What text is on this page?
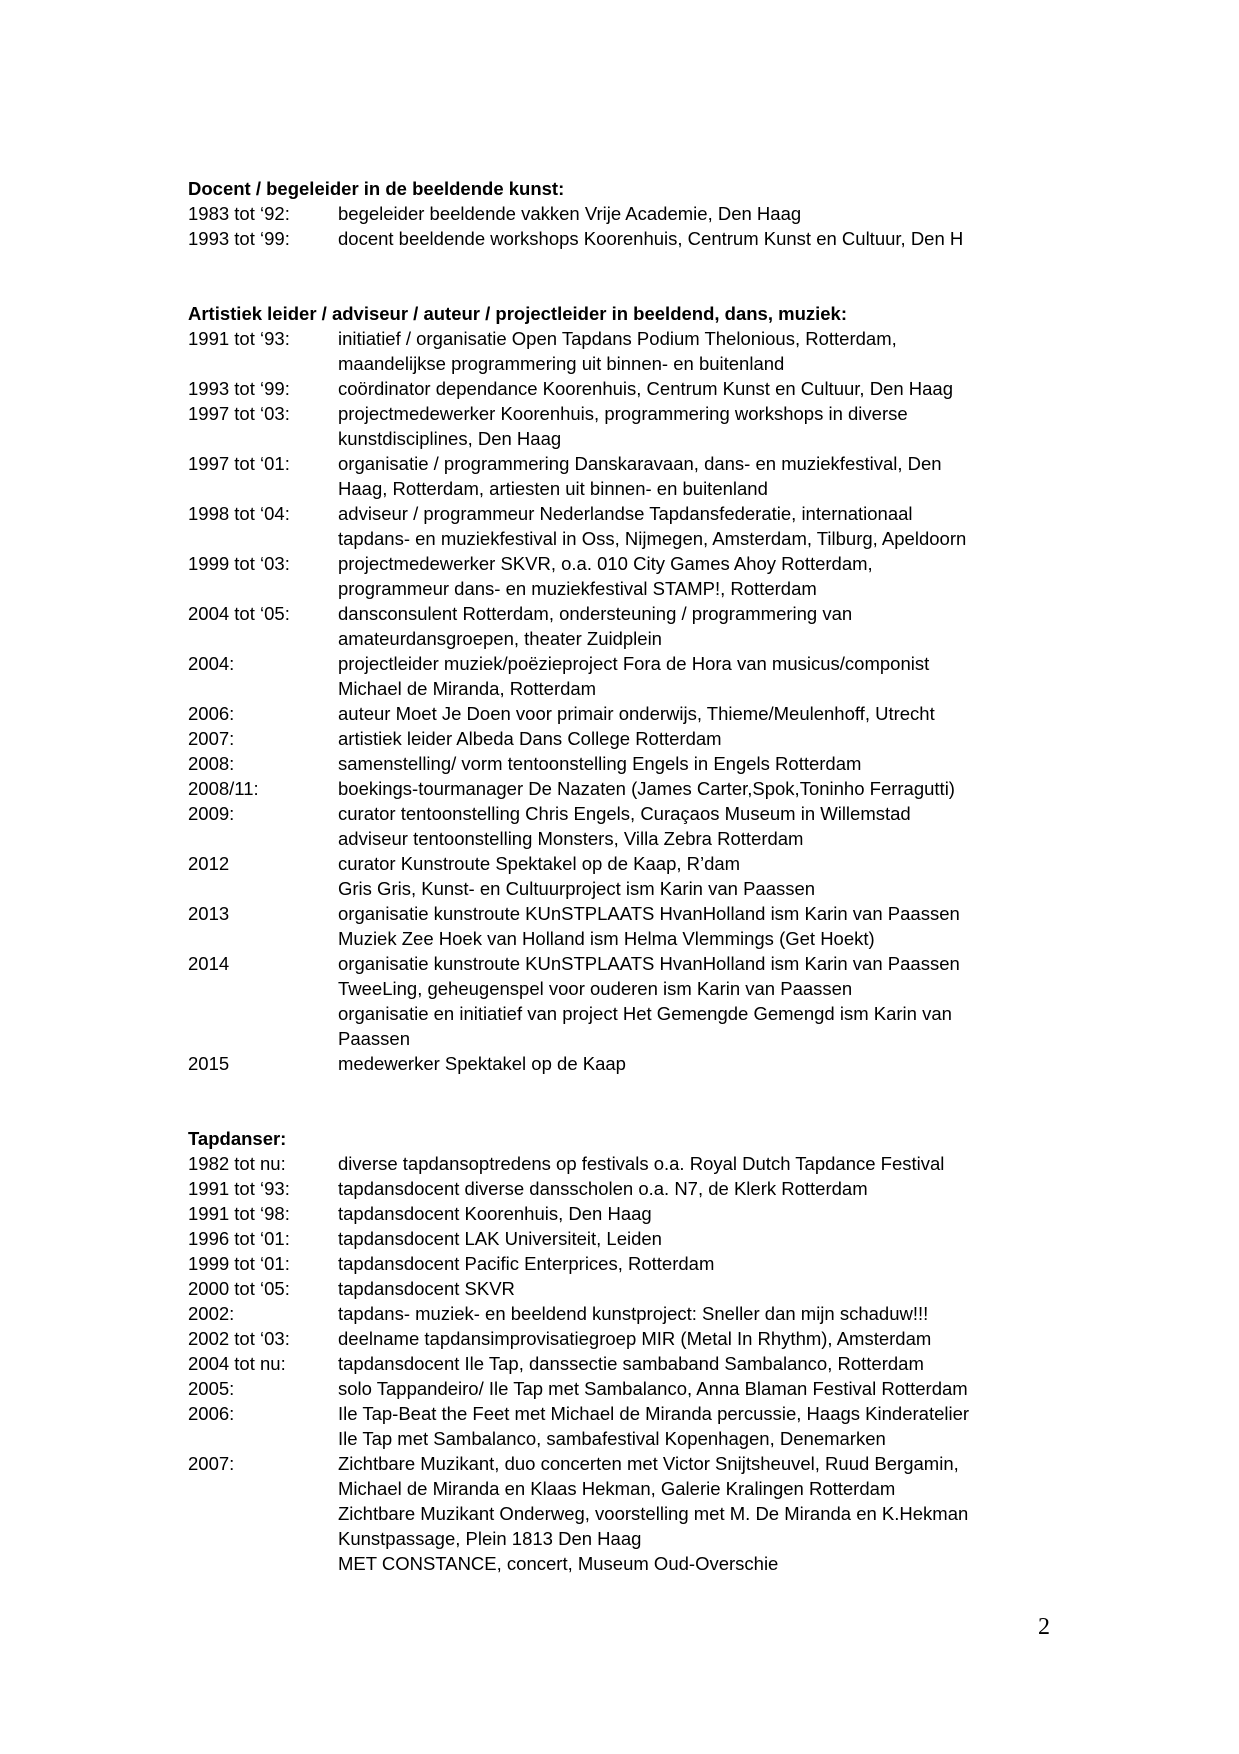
Docent / begeleider in de beeldende kunst:
1983 tot ‘92:	begeleider beeldende vakken Vrije Academie, Den Haag
1993 tot ‘99:	docent beeldende workshops Koorenhuis, Centrum Kunst en Cultuur, Den H
Artistiek leider / adviseur / auteur / projectleider in beeldend, dans, muziek:
1991 tot ‘93:	initiatief / organisatie Open Tapdans Podium Thelonious, Rotterdam,
maandelijkse programmering uit binnen- en buitenland
1993 tot ‘99:	coördinator dependance Koorenhuis, Centrum Kunst en Cultuur, Den Haag
1997 tot ‘03:	projectmedewerker Koorenhuis, programmering workshops in diverse
kunstdisciplines, Den Haag
1997 tot ‘01:	organisatie / programmering Danskaravaan, dans- en muziekfestival, Den
Haag, Rotterdam, artiesten uit binnen- en buitenland
1998 tot ‘04:	adviseur / programmeur Nederlandse Tapdansfederatie, internationaal
tapdans- en muziekfestival in Oss, Nijmegen, Amsterdam, Tilburg, Apeldoorn
1999 tot ‘03:	projectmedewerker SKVR, o.a. 010 City Games Ahoy Rotterdam,
programmeur dans- en muziekfestival STAMP!, Rotterdam
2004 tot ‘05:	dansconsulent Rotterdam, ondersteuning / programmering van
amateurdansgroepen, theater Zuidplein
2004:	projectleider muziek/poëzieproject Fora de Hora van musicus/componist
Michael de Miranda, Rotterdam
2006:	auteur Moet Je Doen voor primair onderwijs, Thieme/Meulenhoff, Utrecht
2007:	artistiek leider Albeda Dans College Rotterdam
2008:	samenstelling/ vorm tentoonstelling Engels in Engels Rotterdam
2008/11:	boekings-tourmanager De Nazaten (James Carter,Spok,Toninho Ferragutti)
2009:	curator tentoonstelling Chris Engels, Curaçaos Museum in Willemstad
adviseur tentoonstelling Monsters, Villa Zebra Rotterdam
2012	curator Kunstroute Spektakel op de Kaap, R’dam
Gris Gris, Kunst- en Cultuurproject ism Karin van Paassen
2013	organisatie kunstroute KUnSTPLAATS HvanHolland ism Karin van Paassen
Muziek Zee Hoek van Holland ism Helma Vlemmings (Get Hoekt)
2014	organisatie kunstroute KUnSTPLAATS HvanHolland ism Karin van Paassen
TweeLing, geheugenspel voor ouderen ism Karin van Paassen
organisatie en initiatief van project Het Gemengde Gemengd ism Karin van
Paassen
2015	medewerker Spektakel op de Kaap
Tapdanser:
1982 tot nu:	diverse tapdansoptredens op festivals o.a. Royal Dutch Tapdance Festival
1991 tot ‘93:	tapdansdocent diverse dansscholen o.a. N7, de Klerk Rotterdam
1991 tot ‘98:	tapdansdocent Koorenhuis, Den Haag
1996 tot ‘01:	tapdansdocent LAK Universiteit, Leiden
1999 tot ‘01:	tapdansdocent Pacific Enterprices, Rotterdam
2000 tot ‘05:	tapdansdocent SKVR
2002:	tapdans- muziek- en beeldend kunstproject: Sneller dan mijn schaduw!!!
2002 tot ‘03:	deelname tapdansimprovisatiegroep MIR (Metal In Rhythm), Amsterdam
2004 tot nu:	tapdansdocent Ile Tap, danssectie sambaband Sambalanco, Rotterdam
2005:	solo Tappandeiro/ Ile Tap met Sambalanco, Anna Blaman Festival Rotterdam
2006:	Ile Tap-Beat the Feet met Michael de Miranda percussie, Haags Kinderatelier
Ile Tap met Sambalanco, sambafestival Kopenhagen, Denemarken
2007:	Zichtbare Muzikant, duo concerten met Victor Snijtsheuvel, Ruud Bergamin,
Michael de Miranda en Klaas Hekman, Galerie Kralingen Rotterdam
Zichtbare Muzikant Onderweg, voorstelling met M. De Miranda en K.Hekman
Kunstpassage, Plein 1813 Den Haag
MET CONSTANCE, concert, Museum Oud-Overschie
2
